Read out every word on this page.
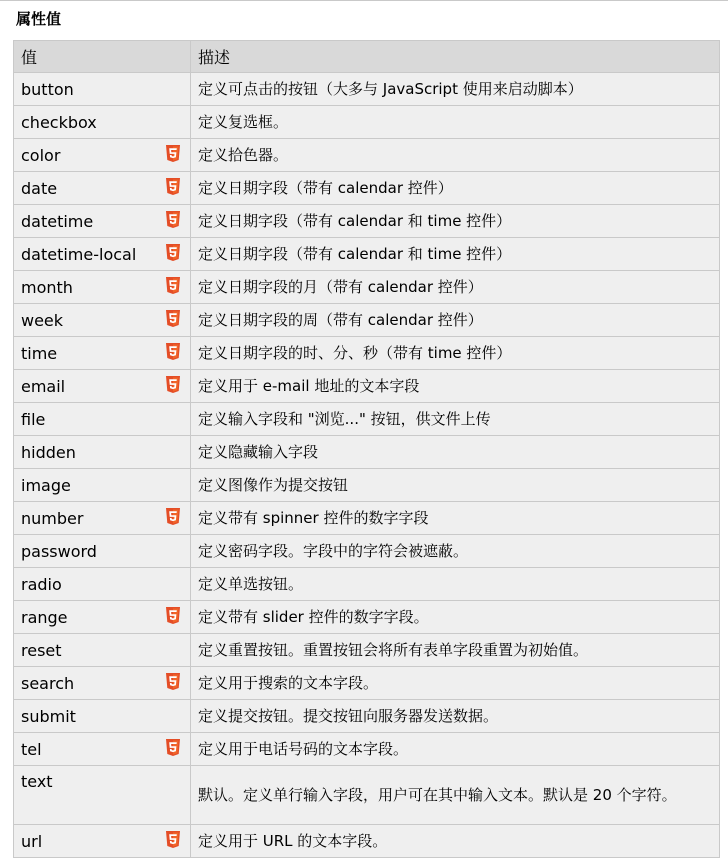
属性值
值	描述
button	定义可点击的按钮（大多与 JavaScript 使用来启动脚本）
checkbox	定义复选框。
color	定义拾色器。
date	定义日期字段（带有 calendar 控件）
datetime	定义日期字段（带有 calendar 和 time 控件）
datetime-local	定义日期字段（带有 calendar 和 time 控件）
month	定义日期字段的月（带有 calendar 控件）
week	定义日期字段的周（带有 calendar 控件）
time	定义日期字段的时、分、秒（带有 time 控件）
email	定义用于 e-mail 地址的文本字段
file	定义输入字段和 "浏览..." 按钮，供文件上传
hidden	定义隐藏输入字段
image	定义图像作为提交按钮
number	定义带有 spinner 控件的数字字段
password	定义密码字段。字段中的字符会被遮蔽。
radio	定义单选按钮。
range	定义带有 slider 控件的数字字段。
reset	定义重置按钮。重置按钮会将所有表单字段重置为初始值。
search	定义用于搜索的文本字段。
submit	定义提交按钮。提交按钮向服务器发送数据。
tel	定义用于电话号码的文本字段。
text	默认。定义单行输入字段，用户可在其中输入文本。默认是 20 个字符。
url	定义用于 URL 的文本字段。
